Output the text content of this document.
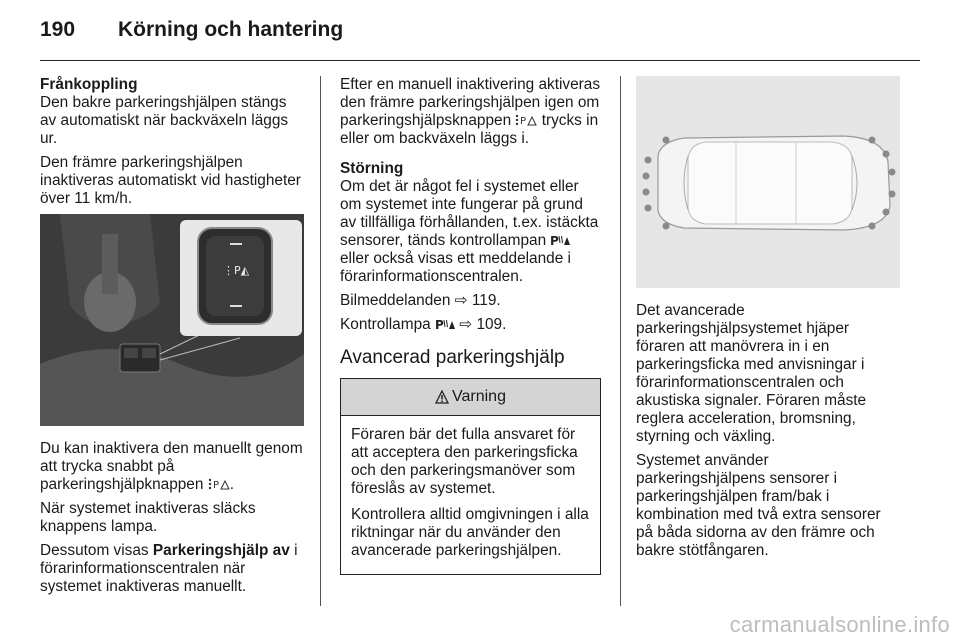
190 Körning och hantering

Frånkoppling

Den bakre parkeringshjälpen stängs av automatiskt när backväxeln läggs ur.

Den främre parkeringshjälpen inaktiveras automatiskt vid hastigheter över 11 km/h.

⋮P◭

Du kan inaktivera den manuellt genom att trycka snabbt på parkeringshjälpknappen P .

När systemet inaktiveras släcks knappens lampa.

Dessutom visas Parkeringshjälp av i förarinformationscentralen när systemet inaktiveras manuellt.

Efter en manuell inaktivering aktiveras den främre parkeringshjälpen igen om parkeringshjälpsknappen P trycks in eller om backväxeln läggs i.

Störning

Om det är något fel i systemet eller om systemet inte fungerar på grund av tillfälliga förhållanden, t.ex. istäckta sensorer, tänds kontrollampan P
eller också visas ett meddelande i förarinformationscentralen.

Bilmeddelanden ⇨ 119.

Kontrollampa P ⇨ 109.

Avancerad parkeringshjälp
Varning

Föraren bär det fulla ansvaret för att acceptera den parkeringsficka och den parkeringsmanöver som föreslås av systemet.

Kontrollera alltid omgivningen i alla riktningar när du använder den avancerade parkeringshjälpen.

Det avancerade parkeringshjälpsystemet hjäper föraren att manövrera in i en parkeringsficka med anvisningar i förarinformationscentralen och akustiska signaler. Föraren måste reglera acceleration, bromsning, styrning och växling.

Systemet använder parkeringshjälpens sensorer i parkeringshjälpen fram/bak i kombination med två extra sensorer på båda sidorna av den främre och bakre stötfångaren.

carmanualsonline.info
